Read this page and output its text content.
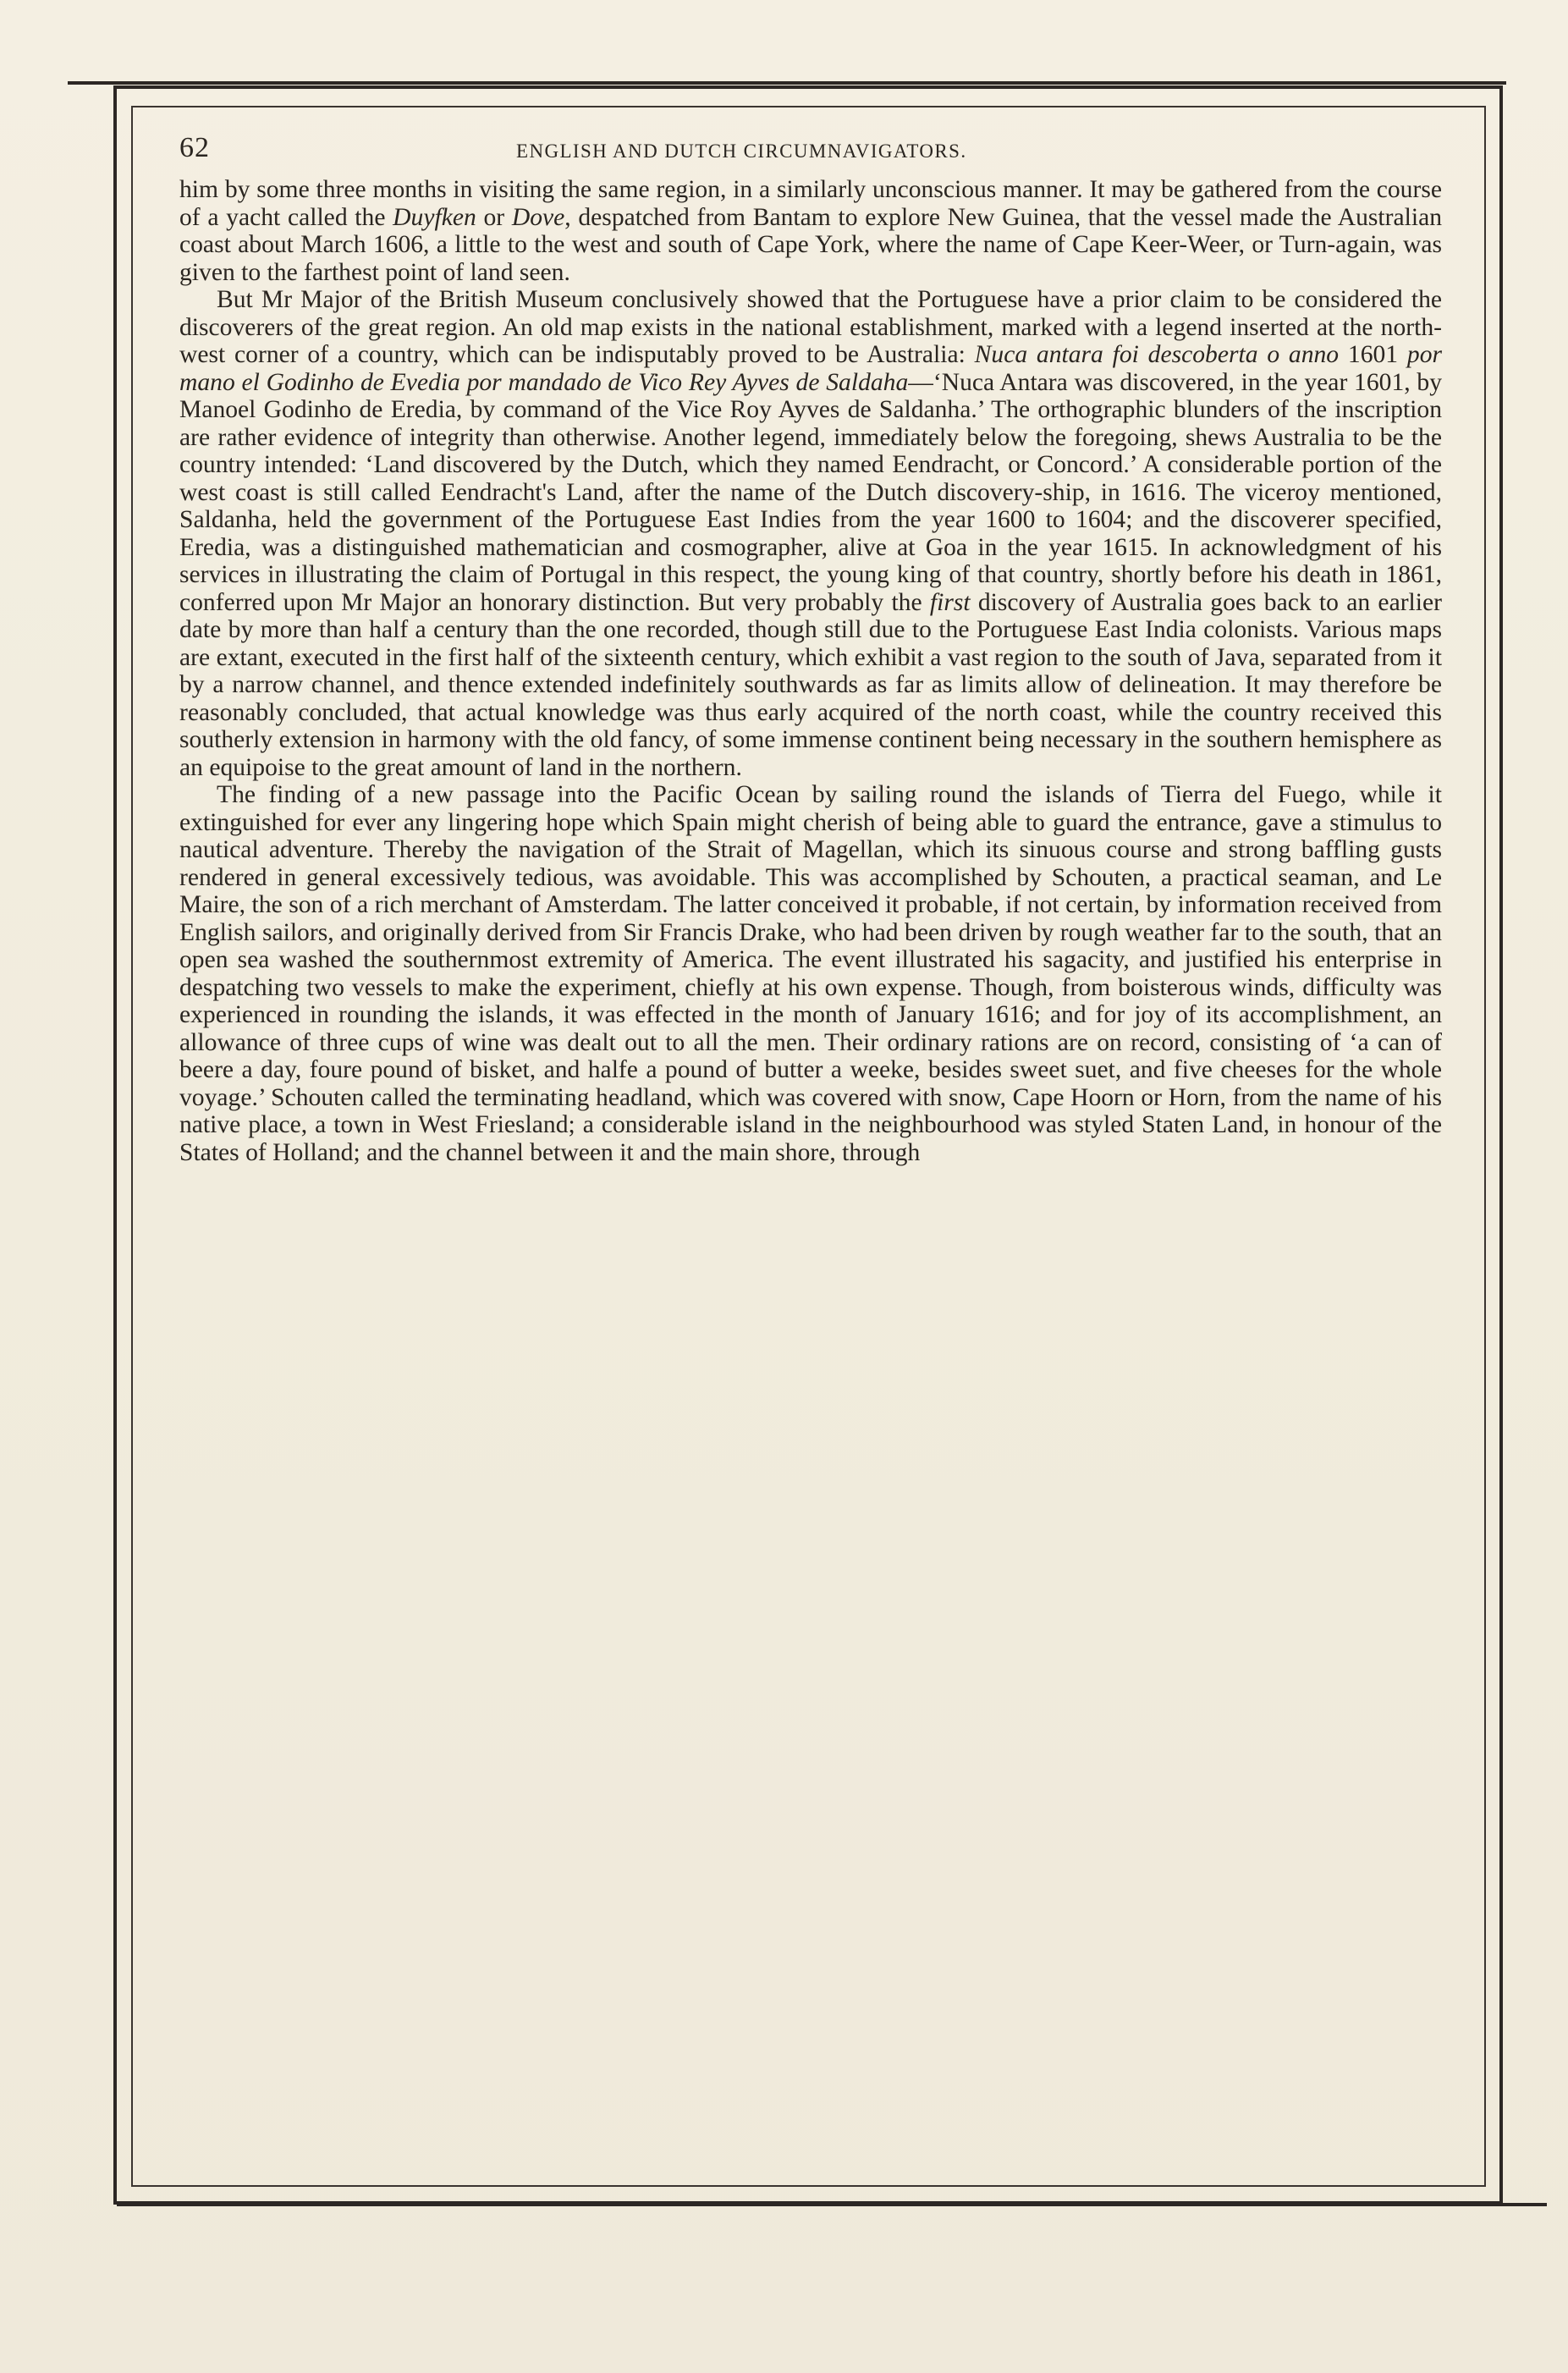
62	ENGLISH AND DUTCH CIRCUMNAVIGATORS.

him by some three months in visiting the same region, in a similarly unconscious manner. It may be gathered from the course of a yacht called the Duyfken or Dove, despatched from Bantam to explore New Guinea, that the vessel made the Australian coast about March 1606, a little to the west and south of Cape York, where the name of Cape Keer-Weer, or Turn-again, was given to the farthest point of land seen.

But Mr Major of the British Museum conclusively showed that the Portuguese have a prior claim to be considered the discoverers of the great region. An old map exists in the national establishment, marked with a legend inserted at the north-west corner of a country, which can be indisputably proved to be Australia: Nuca antara foi descoberta o anno 1601 por mano el Godinho de Evedia por mandado de Vico Rey Ayves de Saldaha—‘Nuca Antara was discovered, in the year 1601, by Manoel Godinho de Eredia, by command of the Vice Roy Ayves de Saldanha.’ The orthographic blunders of the inscription are rather evidence of integrity than otherwise. Another legend, immediately below the foregoing, shews Australia to be the country intended: ‘Land discovered by the Dutch, which they named Eendracht, or Concord.’ A considerable portion of the west coast is still called Eendracht's Land, after the name of the Dutch discovery-ship, in 1616. The viceroy mentioned, Saldanha, held the government of the Portuguese East Indies from the year 1600 to 1604; and the discoverer specified, Eredia, was a distinguished mathematician and cosmographer, alive at Goa in the year 1615. In acknowledgment of his services in illustrating the claim of Portugal in this respect, the young king of that country, shortly before his death in 1861, conferred upon Mr Major an honorary distinction. But very probably the first discovery of Australia goes back to an earlier date by more than half a century than the one recorded, though still due to the Portuguese East India colonists. Various maps are extant, executed in the first half of the sixteenth century, which exhibit a vast region to the south of Java, separated from it by a narrow channel, and thence extended indefinitely southwards as far as limits allow of delineation. It may therefore be reasonably concluded, that actual knowledge was thus early acquired of the north coast, while the country received this southerly extension in harmony with the old fancy, of some immense continent being necessary in the southern hemisphere as an equipoise to the great amount of land in the northern.

The finding of a new passage into the Pacific Ocean by sailing round the islands of Tierra del Fuego, while it extinguished for ever any lingering hope which Spain might cherish of being able to guard the entrance, gave a stimulus to nautical adventure. Thereby the navigation of the Strait of Magellan, which its sinuous course and strong baffling gusts rendered in general excessively tedious, was avoidable. This was accomplished by Schouten, a practical seaman, and Le Maire, the son of a rich merchant of Amsterdam. The latter conceived it probable, if not certain, by information received from English sailors, and originally derived from Sir Francis Drake, who had been driven by rough weather far to the south, that an open sea washed the southernmost extremity of America. The event illustrated his sagacity, and justified his enterprise in despatching two vessels to make the experiment, chiefly at his own expense. Though, from boisterous winds, difficulty was experienced in rounding the islands, it was effected in the month of January 1616; and for joy of its accomplishment, an allowance of three cups of wine was dealt out to all the men. Their ordinary rations are on record, consisting of ‘a can of beere a day, foure pound of bisket, and halfe a pound of butter a weeke, besides sweet suet, and five cheeses for the whole voyage.’ Schouten called the terminating headland, which was covered with snow, Cape Hoorn or Horn, from the name of his native place, a town in West Friesland; a considerable island in the neighbourhood was styled Staten Land, in honour of the States of Holland; and the channel between it and the main shore, through
